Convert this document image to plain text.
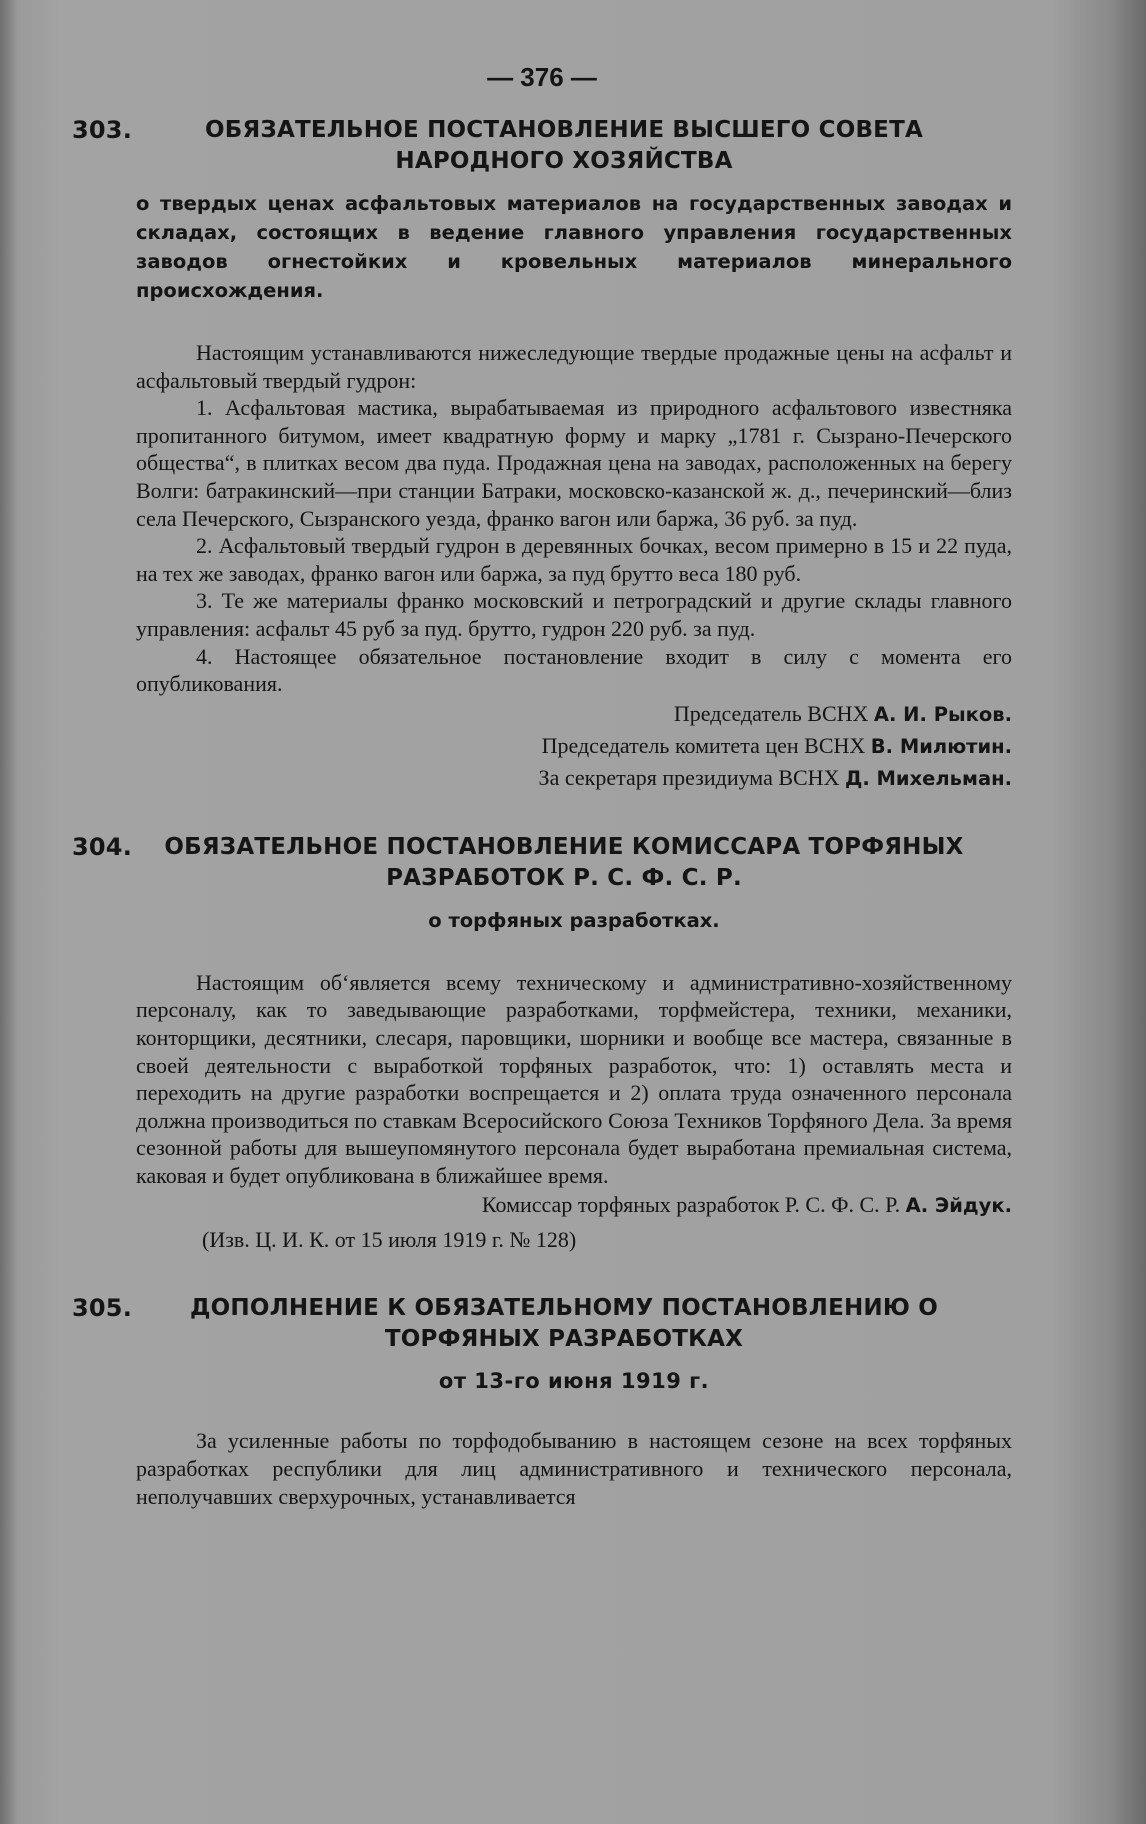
— 376 —
303.	ОБЯЗАТЕЛЬНОЕ ПОСТАНОВЛЕНИЕ ВЫСШЕГО СОВЕТА НАРОДНОГО ХОЗЯЙСТВА
о твердых ценах асфальтовых материалов на государственных заводах и складах, состоящих в ведение главного управления государственных заводов огнестойких и кровельных материалов минерального происхождения.

Настоящим устанавливаются нижеследующие твердые продажные цены на асфальт и асфальтовый твердый гудрон:

1. Асфальтовая мастика, вырабатываемая из природного асфальтового известняка пропитанного битумом, имеет квадратную форму и марку „1781 г. Сызрано-Печерского общества“, в плитках весом два пуда. Продажная цена на заводах, расположенных на берегу Волги: батракинский—при станции Батраки, московско-казанской ж. д., печеринский—близ села Печерского, Сызранского уезда, франко вагон или баржа, 36 руб. за пуд.

2. Асфальтовый твердый гудрон в деревянных бочках, весом примерно в 15 и 22 пуда, на тех же заводах, франко вагон или баржа, за пуд брутто веса 180 руб.

3. Те же материалы франко московский и петроградский и другие склады главного управления: асфальт 45 руб за пуд. брутто, гудрон 220 руб. за пуд.

4. Настоящее обязательное постановление входит в силу с момента его опубликования.

Председатель ВСНХ А. И. Рыков.
Председатель комитета цен ВСНХ В. Милютин.
За секретаря президиума ВСНХ Д. Михельман.
304.	ОБЯЗАТЕЛЬНОЕ ПОСТАНОВЛЕНИЕ КОМИССАРА ТОРФЯНЫХ РАЗРАБОТОК Р. С. Ф. С. Р.
о торфяных разработках.

Настоящим об‘является всему техническому и административно-хозяйственному персоналу, как то заведывающие разработками, торфмейстера, техники, механики, конторщики, десятники, слесаря, паровщики, шорники и вообще все мастера, связанные в своей деятельности с выработкой торфяных разработок, что: 1) оставлять места и переходить на другие разработки воспрещается и 2) оплата труда означенного персонала должна производиться по ставкам Всеросийского Союза Техников Торфяного Дела. За время сезонной работы для вышеупомянутого персонала будет выработана премиальная система, каковая и будет опубликована в ближайшее время.

Комиссар торфяных разработок Р. С. Ф. С. Р. А. Эйдук.
(Изв. Ц. И. К. от 15 июля 1919 г. № 128)
305.	ДОПОЛНЕНИЕ К ОБЯЗАТЕЛЬНОМУ ПОСТАНОВЛЕНИЮ О ТОРФЯНЫХ РАЗРАБОТКАХ
от 13-го июня 1919 г.

За усиленные работы по торфодобыванию в настоящем сезоне на всех торфяных разработках республики для лиц административного и технического персонала, неполучавших сверхурочных, устанавливается
